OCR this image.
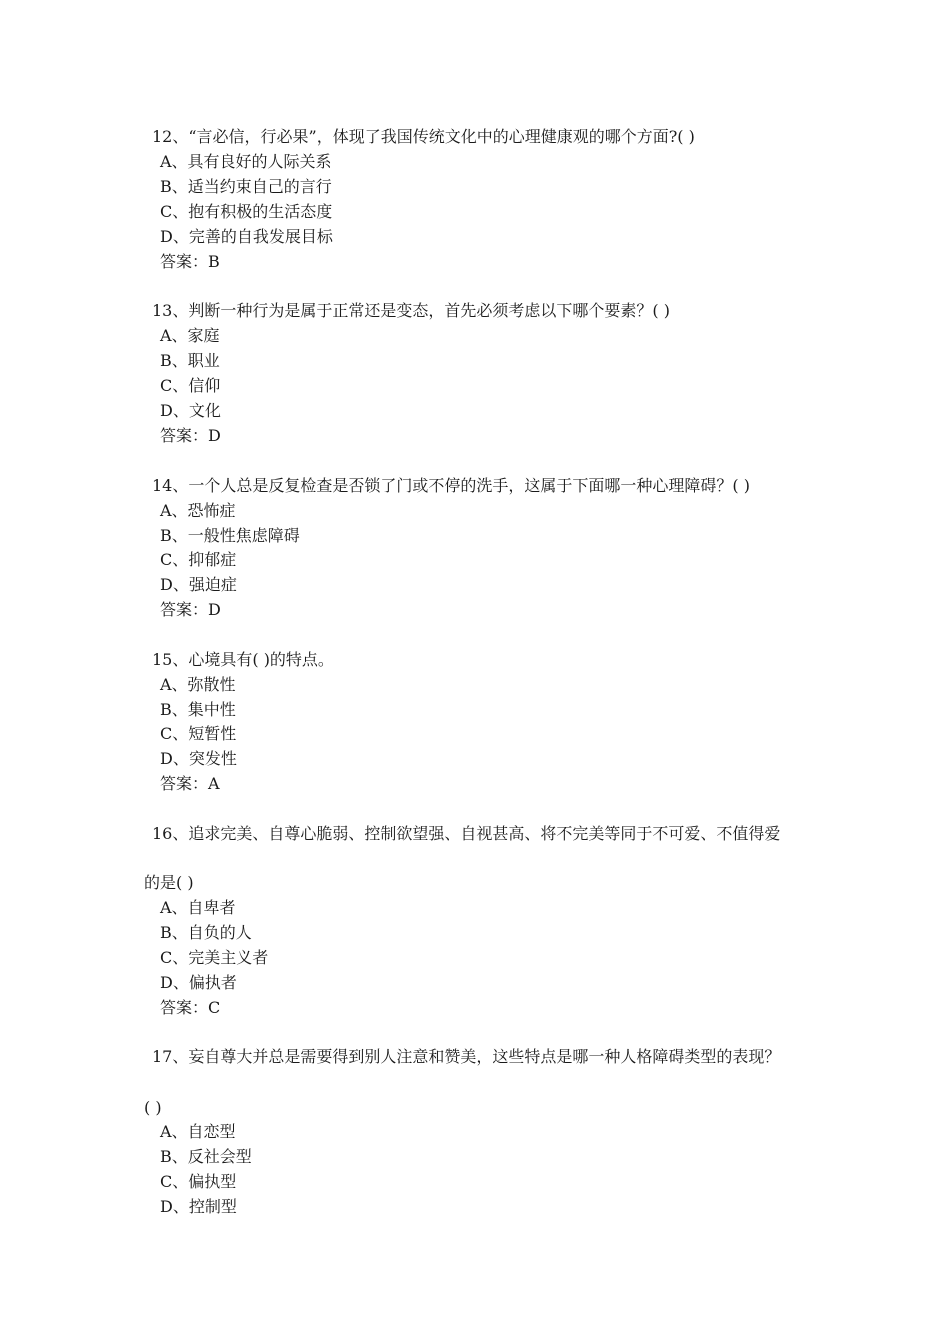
12、“言必信，行必果”，体现了我国传统文化中的心理健康观的哪个方面?( )
A、具有良好的人际关系
B、适当约束自己的言行
C、抱有积极的生活态度
D、完善的自我发展目标
答案：B
13、判断一种行为是属于正常还是变态，首先必须考虑以下哪个要素？( )
A、家庭
B、职业
C、信仰
D、文化
答案：D
14、一个人总是反复检查是否锁了门或不停的洗手，这属于下面哪一种心理障碍？( )
A、恐怖症
B、一般性焦虑障碍
C、抑郁症
D、强迫症
答案：D
15、心境具有( )的特点。
A、弥散性
B、集中性
C、短暂性
D、突发性
答案：A
16、追求完美、自尊心脆弱、控制欲望强、自视甚高、将不完美等同于不可爱、不值得爱
的是( )
A、自卑者
B、自负的人
C、完美主义者
D、偏执者
答案：C
17、妄自尊大并总是需要得到别人注意和赞美，这些特点是哪一种人格障碍类型的表现？
( )
A、自恋型
B、反社会型
C、偏执型
D、控制型
